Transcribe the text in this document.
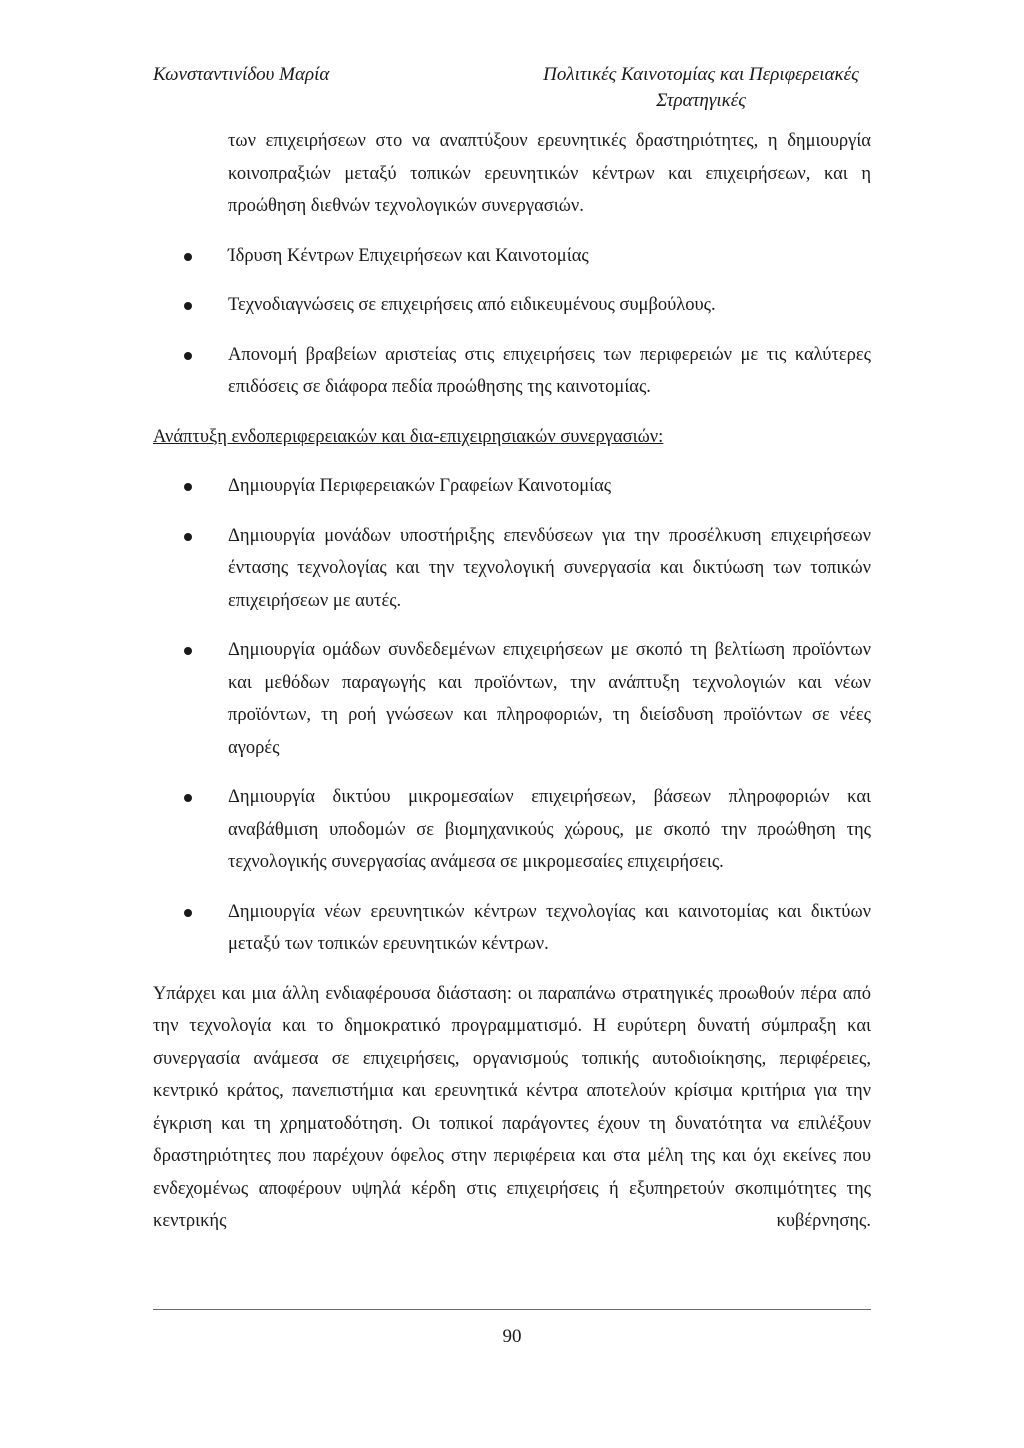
Κωνσταντινίδου Μαρία	Πολιτικές Καινοτομίας και Περιφερειακές
Στρατηγικές

των επιχειρήσεων στο να αναπτύξουν ερευνητικές δραστηριότητες, η δημιουργία κοινοπραξιών μεταξύ τοπικών ερευνητικών κέντρων και επιχειρήσεων, και η προώθηση διεθνών τεχνολογικών συνεργασιών.

Ίδρυση Κέντρων Επιχειρήσεων και Καινοτομίας
Τεχνοδιαγνώσεις σε επιχειρήσεις από ειδικευμένους συμβούλους.
Απονομή βραβείων αριστείας στις επιχειρήσεις των περιφερειών με τις καλύτερες επιδόσεις σε διάφορα πεδία προώθησης της καινοτομίας.
Ανάπτυξη ενδοπεριφερειακών και δια-επιχειρησιακών συνεργασιών:
Δημιουργία Περιφερειακών Γραφείων Καινοτομίας
Δημιουργία μονάδων υποστήριξης επενδύσεων για την προσέλκυση επιχειρήσεων έντασης τεχνολογίας και την τεχνολογική συνεργασία και δικτύωση των τοπικών επιχειρήσεων με αυτές.
Δημιουργία ομάδων συνδεδεμένων επιχειρήσεων με σκοπό τη βελτίωση προϊόντων και μεθόδων παραγωγής και προϊόντων, την ανάπτυξη τεχνολογιών και νέων προϊόντων, τη ροή γνώσεων και πληροφοριών, τη διείσδυση προϊόντων σε νέες αγορές
Δημιουργία δικτύου μικρομεσαίων επιχειρήσεων, βάσεων πληροφοριών και αναβάθμιση υποδομών σε βιομηχανικούς χώρους, με σκοπό την προώθηση της τεχνολογικής συνεργασίας ανάμεσα σε μικρομεσαίες επιχειρήσεις.
Δημιουργία νέων ερευνητικών κέντρων τεχνολογίας και καινοτομίας και δικτύων μεταξύ των τοπικών ερευνητικών κέντρων.

Υπάρχει και μια άλλη ενδιαφέρουσα διάσταση: οι παραπάνω στρατηγικές προωθούν πέρα από την τεχνολογία και το δημοκρατικό προγραμματισμό. Η ευρύτερη δυνατή σύμπραξη και συνεργασία ανάμεσα σε επιχειρήσεις, οργανισμούς τοπικής αυτοδιοίκησης, περιφέρειες, κεντρικό κράτος, πανεπιστήμια και ερευνητικά κέντρα αποτελούν κρίσιμα κριτήρια για την έγκριση και τη χρηματοδότηση. Οι τοπικοί παράγοντες έχουν τη δυνατότητα να επιλέξουν δραστηριότητες που παρέχουν όφελος στην περιφέρεια και στα μέλη της και όχι εκείνες που ενδεχομένως αποφέρουν υψηλά κέρδη στις επιχειρήσεις ή εξυπηρετούν σκοπιμότητες της κεντρικής κυβέρνησης.

90
